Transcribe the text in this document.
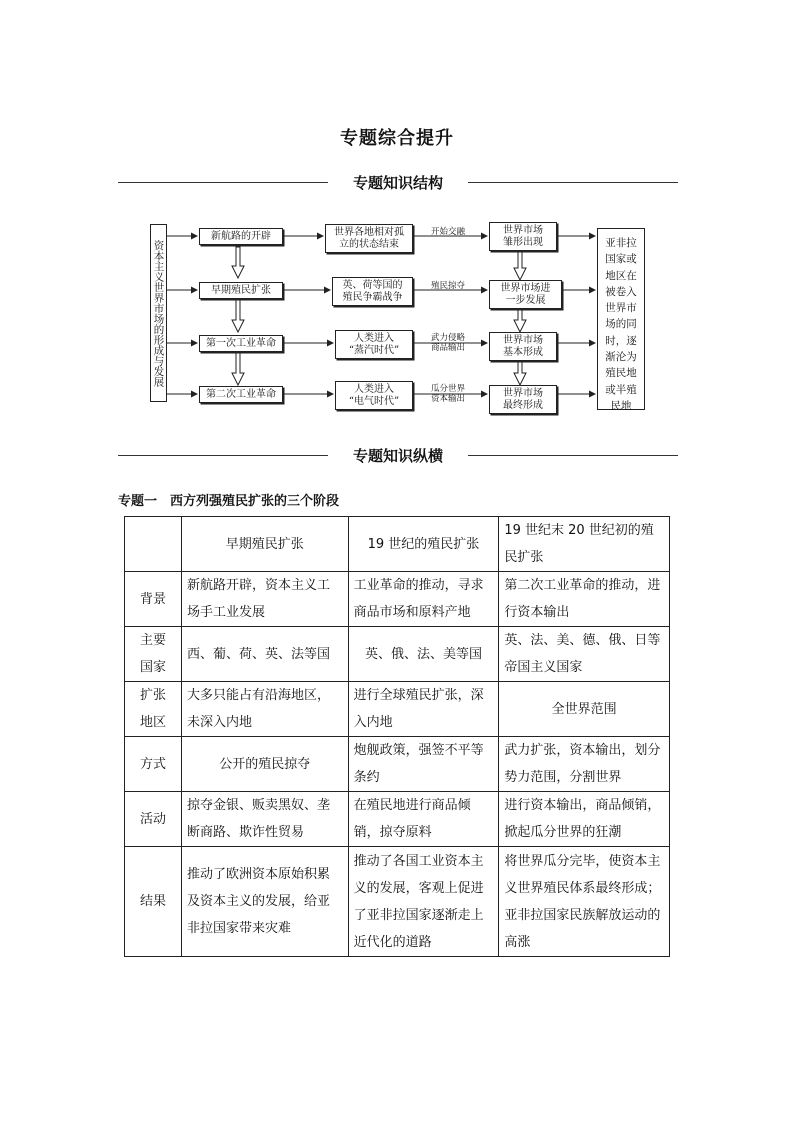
专题综合提升
专题知识结构
资本主义世界市场的形成与发展
新航路的开辟
早期殖民扩张
第一次工业革命
第二次工业革命
世界各地相对孤
立的状态结束
英、荷等国的
殖民争霸战争
人类进入
“蒸汽时代”
人类进入
“电气时代”
开始交融
殖民掠夺
武力侵略
商品输出
瓜分世界
资本输出
世界市场
雏形出现
世界市场进
一步发展
世界市场
基本形成
世界市场
最终形成
亚非拉
国家或
地区在
被卷入
世界市
场的同
时，逐
渐沦为
殖民地
或半殖
民地
专题知识纵横
专题一　西方列强殖民扩张的三个阶段
	早期殖民扩张	19 世纪的殖民扩张	19 世纪末 20 世纪初的殖民扩张
背景	新航路开辟，资本主义工场手工业发展	工业革命的推动，寻求商品市场和原料产地	第二次工业革命的推动，进行资本输出
主要国家	西、葡、荷、英、法等国	英、俄、法、美等国	英、法、美、德、俄、日等帝国主义国家
扩张地区	大多只能占有沿海地区，未深入内地	进行全球殖民扩张，深入内地	全世界范围
方式	公开的殖民掠夺	炮舰政策，强签不平等条约	武力扩张，资本输出，划分势力范围，分割世界
活动	掠夺金银、贩卖黑奴、垄断商路、欺诈性贸易	在殖民地进行商品倾销，掠夺原料	进行资本输出，商品倾销，掀起瓜分世界的狂潮
结果	推动了欧洲资本原始积累及资本主义的发展，给亚非拉国家带来灾难	推动了各国工业资本主义的发展，客观上促进了亚非拉国家逐渐走上近代化的道路	将世界瓜分完毕，使资本主义世界殖民体系最终形成；亚非拉国家民族解放运动的高涨
